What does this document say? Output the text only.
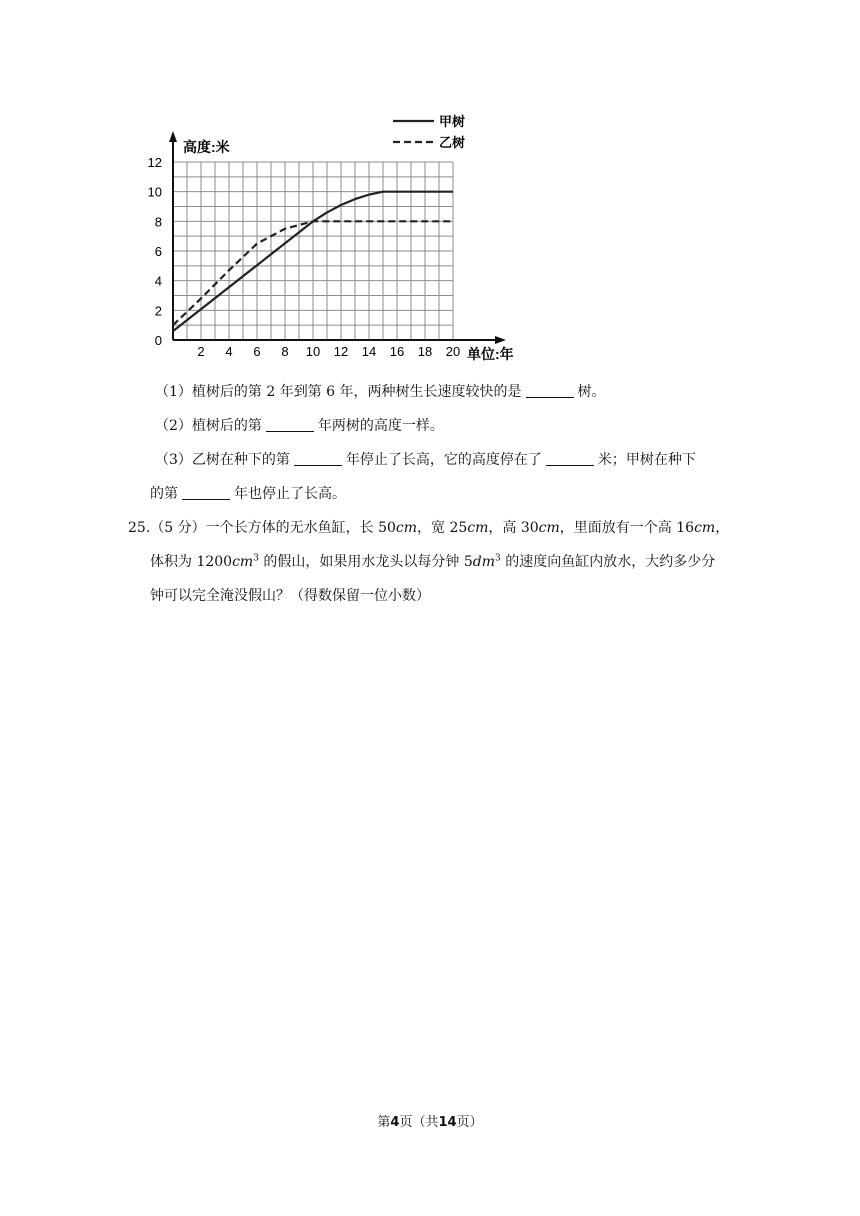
0
2
4
6
8
10
12
2 4 6 8 10 12 14 16 18 20
甲树
乙树
高度:米
单位:年
（1）植树后的第 2 年到第 6 年，两种树生长速度较快的是	树。
（2）植树后的第	年两树的高度一样。
（3）乙树在种下的第	年停止了长高，它的高度停在了	米；甲树在种下
的第	年也停止了长高。
25.（5 分）一个长方体的无水鱼缸，长 50cm，宽 25cm，高 30cm，里面放有一个高 16cm，
体积为 $1200cm^3$ 的假山，如果用水龙头以每分钟 $5dm^3$ 的速度向鱼缸内放水，大约多少分
钟可以完全淹没假山？（得数保留一位小数）
第4页（共14页）
